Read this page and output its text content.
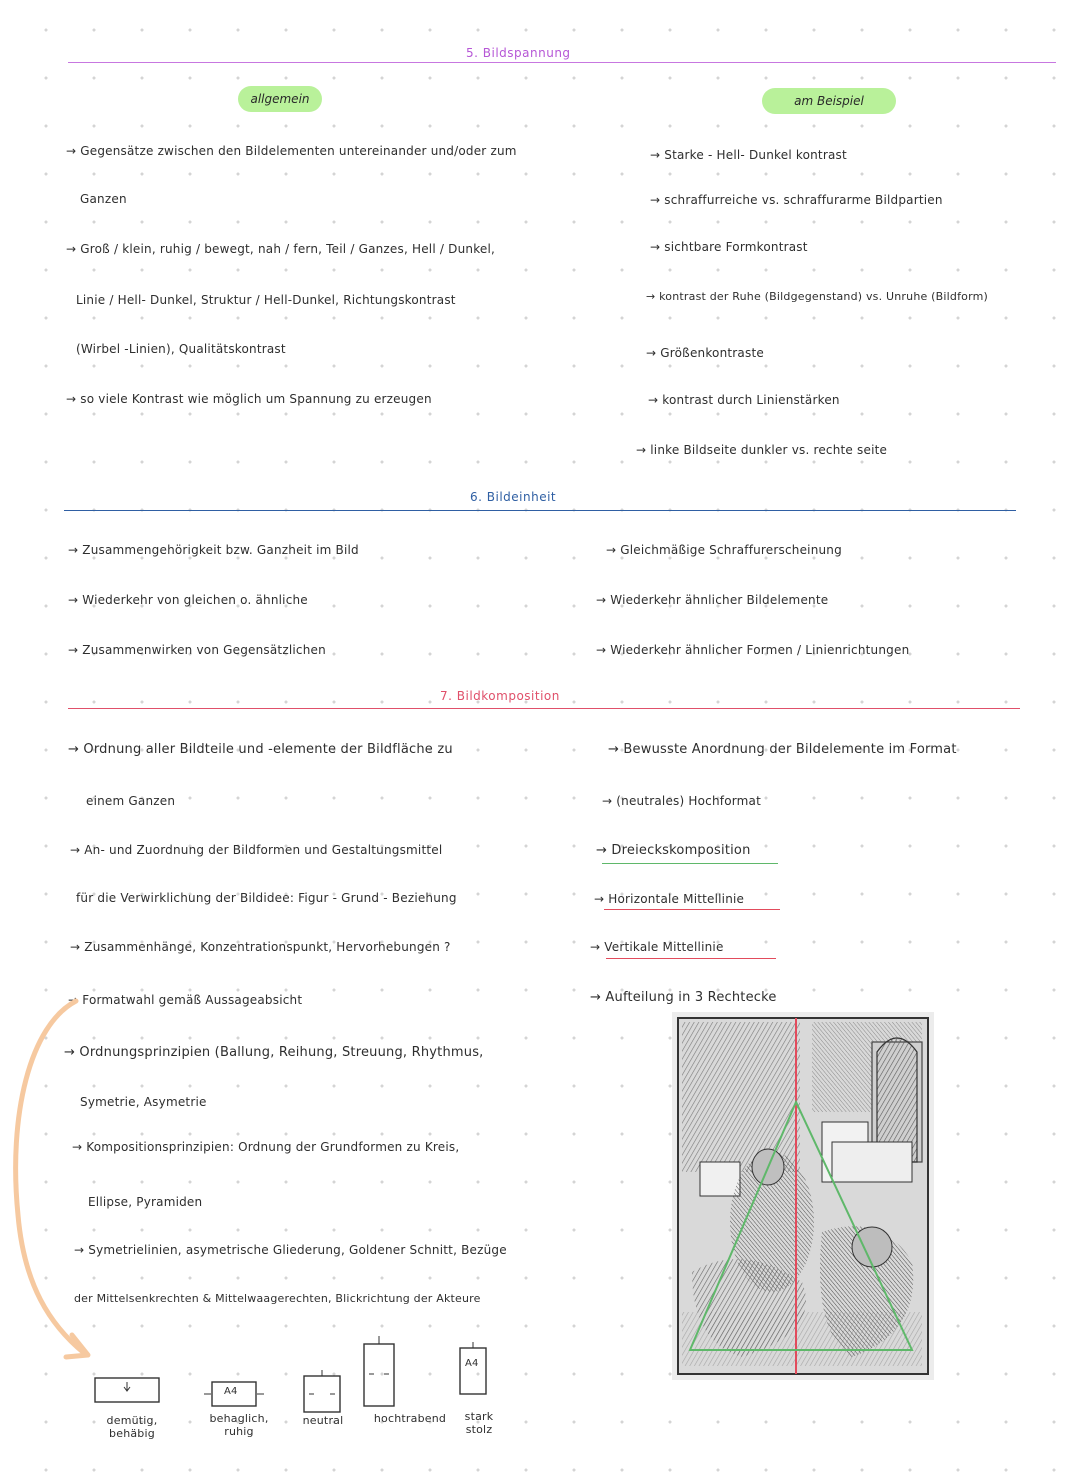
5. Bildspannung
allgemein	am Beispiel
→ Gegensätze zwischen den Bildelementen untereinander und/oder zum
Ganzen
→ Groß / klein, ruhig / bewegt, nah / fern, Teil / Ganzes, Hell / Dunkel,
Linie / Hell- Dunkel, Struktur / Hell-Dunkel, Richtungskontrast
(Wirbel -Linien), Qualitätskontrast
→ so viele Kontrast wie möglich um Spannung zu erzeugen
→ Starke - Hell- Dunkel kontrast
→ schraffurreiche vs. schraffurarme Bildpartien
→ sichtbare Formkontrast
→ kontrast der Ruhe (Bildgegenstand) vs. Unruhe (Bildform)
→ Größenkontraste
→ kontrast durch Linienstärken
→ linke Bildseite dunkler vs. rechte seite
6. Bildeinheit
→ Zusammengehörigkeit bzw. Ganzheit im Bild
→ Wiederkehr von gleichen o. ähnliche
→ Zusammenwirken von Gegensätzlichen
→ Gleichmäßige Schraffurerscheinung
→ Wiederkehr ähnlicher Bildelemente
→ Wiederkehr ähnlicher Formen / Linienrichtungen
7. Bildkomposition
→ Ordnung aller Bildteile und -elemente der Bildfläche zu
einem Ganzen
→ An- und Zuordnung der Bildformen und Gestaltungsmittel
für die Verwirklichung der Bildidee: Figur - Grund - Beziehung
→ Zusammenhänge, Konzentrationspunkt, Hervorhebungen ?
→ Formatwahl gemäß Aussageabsicht
→ Ordnungsprinzipien (Ballung, Reihung, Streuung, Rhythmus,
Symetrie, Asymetrie
→ Kompositionsprinzipien: Ordnung der Grundformen zu Kreis,
Ellipse, Pyramiden
→ Symetrielinien, asymetrische Gliederung, Goldener Schnitt, Bezüge
der Mittelsenkrechten & Mittelwaagerechten, Blickrichtung der Akteure
→ Bewusste Anordnung der Bildelemente im Format
→ (neutrales) Hochformat
→ Dreieckskomposition
→ Horizontale Mittellinie
→ Vertikale Mittellinie
→ Aufteilung in 3 Rechtecke
demütig, behäbig
A4
behaglich, ruhig
neutral	hochtrabend
A4
stark stolz
